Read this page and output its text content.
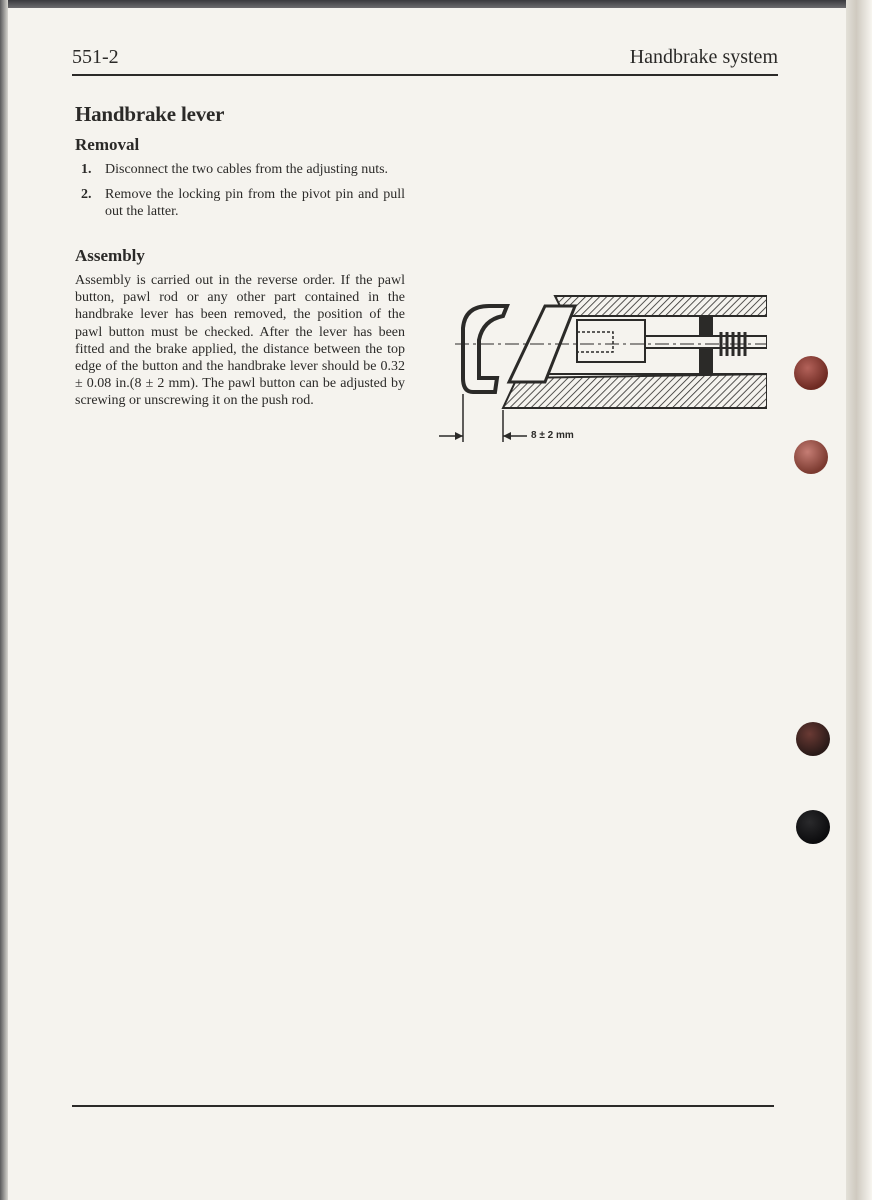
551-2	Handbrake system
Handbrake lever
Removal
1. Disconnect the two cables from the adjusting nuts.
2. Remove the locking pin from the pivot pin and pull out the latter.
Assembly

Assembly is carried out in the reverse order. If the pawl button, pawl rod or any other part contained in the handbrake lever has been removed, the position of the pawl button must be checked. After the lever has been fitted and the brake applied, the distance between the top edge of the button and the handbrake lever should be 0.32 ± 0.08 in.(8 ± 2 mm). The pawl button can be adjusted by screwing or unscrewing it on the push rod.

8 ± 2 mm
